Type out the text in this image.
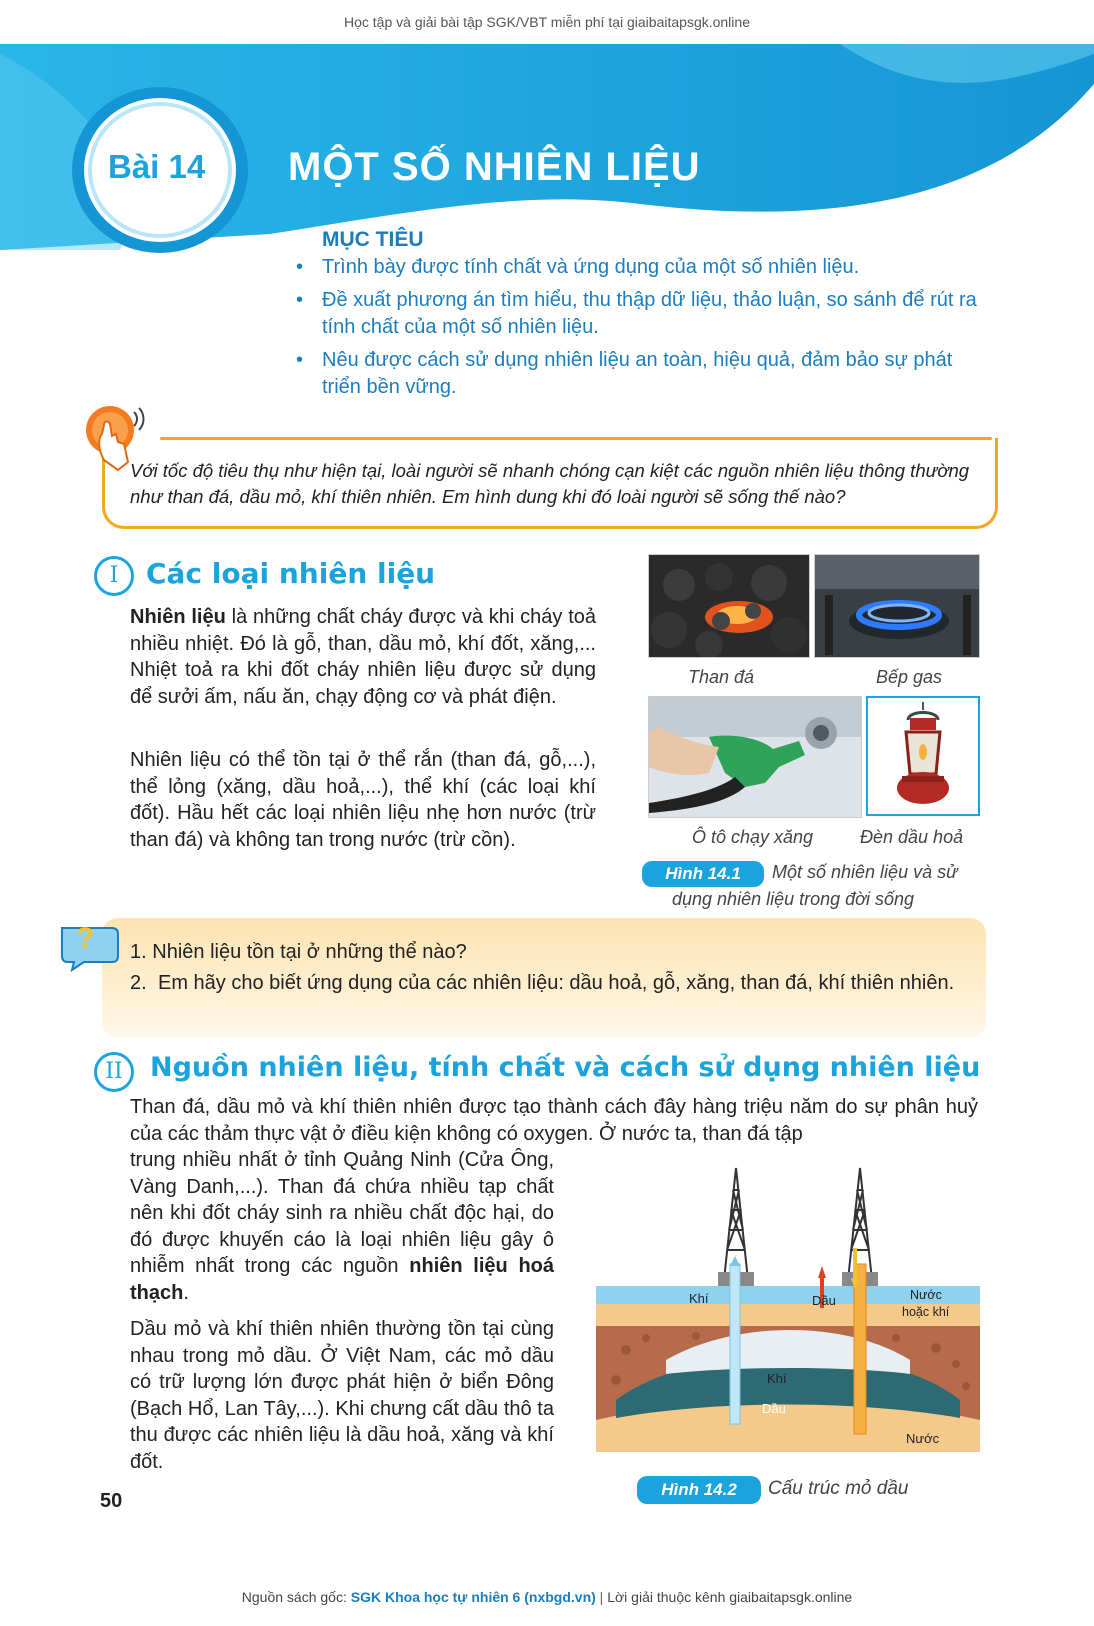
Học tập và giải bài tập SGK/VBT miễn phí tại giaibaitapsgk.online
Bài 14 MỘT SỐ NHIÊN LIỆU
MỤC TIÊU
• Trình bày được tính chất và ứng dụng của một số nhiên liệu.
• Đề xuất phương án tìm hiểu, thu thập dữ liệu, thảo luận, so sánh để rút ra tính chất của một số nhiên liệu.
• Nêu được cách sử dụng nhiên liệu an toàn, hiệu quả, đảm bảo sự phát triển bền vững.
Với tốc độ tiêu thụ như hiện tại, loài người sẽ nhanh chóng cạn kiệt các nguồn nhiên liệu thông thường như than đá, dầu mỏ, khí thiên nhiên. Em hình dung khi đó loài người sẽ sống thế nào?
I Các loại nhiên liệu
Nhiên liệu là những chất cháy được và khi cháy toả nhiều nhiệt. Đó là gỗ, than, dầu mỏ, khí đốt, xăng,... Nhiệt toả ra khi đốt cháy nhiên liệu được sử dụng để sưởi ấm, nấu ăn, chạy động cơ và phát điện.
Nhiên liệu có thể tồn tại ở thể rắn (than đá, gỗ,...), thể lỏng (xăng, dầu hoả,...), thể khí (các loại khí đốt). Hầu hết các loại nhiên liệu nhẹ hơn nước (trừ than đá) và không tan trong nước (trừ cồn).
Than đá	Bếp gas
Ô tô chạy xăng	Đèn dầu hoả
Hình 14.1	Một số nhiên liệu và sử
dụng nhiên liệu trong đời sống
? 1. Nhiên liệu tồn tại ở những thể nào?
2. Em hãy cho biết ứng dụng của các nhiên liệu: dầu hoả, gỗ, xăng, than đá, khí thiên nhiên.
II	Nguồn nhiên liệu, tính chất và cách sử dụng nhiên liệu
Than đá, dầu mỏ và khí thiên nhiên được tạo thành cách đây hàng triệu năm do sự phân huỷ của các thảm thực vật ở điều kiện không có oxygen. Ở nước ta, than đá tập
trung nhiều nhất ở tỉnh Quảng Ninh (Cửa Ông, Vàng Danh,...). Than đá chứa nhiều tạp chất nên khi đốt cháy sinh ra nhiều chất độc hại, do đó được khuyến cáo là loại nhiên liệu gây ô nhiễm nhất trong các nguồn nhiên liệu hoá thạch.
Dầu mỏ và khí thiên nhiên thường tồn tại cùng nhau trong mỏ dầu. Ở Việt Nam, các mỏ dầu có trữ lượng lớn được phát hiện ở biển Đông (Bạch Hổ, Lan Tây,...). Khi chưng cất dầu thô ta thu được các nhiên liệu là dầu hoả, xăng và khí đốt.
Khí	Dầu	Nước
hoặc khí
Khí
Dầu
Nước
Hình 14.2	Cấu trúc mỏ dầu
50
Nguồn sách gốc: SGK Khoa học tự nhiên 6 (nxbgd.vn) | Lời giải thuộc kênh giaibaitapsgk.online
